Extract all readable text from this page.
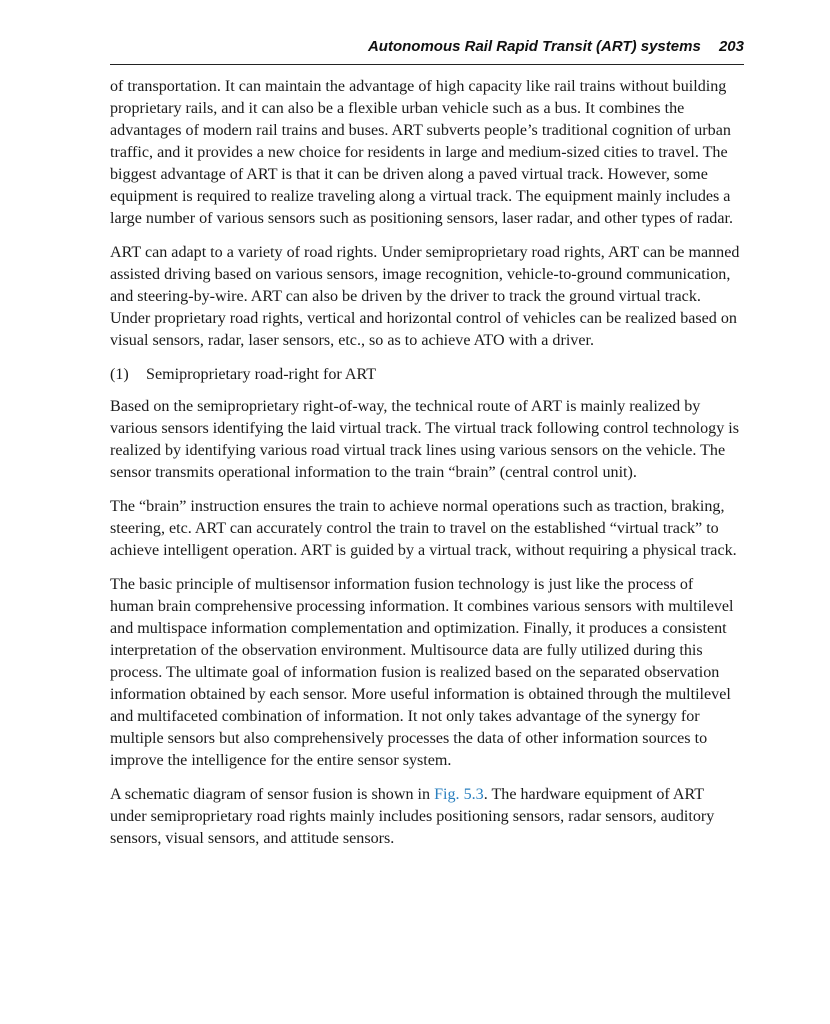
Autonomous Rail Rapid Transit (ART) systems 203

of transportation. It can maintain the advantage of high capacity like rail trains without building proprietary rails, and it can also be a flexible urban vehicle such as a bus. It combines the advantages of modern rail trains and buses. ART subverts people’s traditional cognition of urban traffic, and it provides a new choice for residents in large and medium-sized cities to travel. The biggest advantage of ART is that it can be driven along a paved virtual track. However, some equipment is required to realize traveling along a virtual track. The equipment mainly includes a large number of various sensors such as positioning sensors, laser radar, and other types of radar.

ART can adapt to a variety of road rights. Under semiproprietary road rights, ART can be manned assisted driving based on various sensors, image recognition, vehicle-to-ground communication, and steering-by-wire. ART can also be driven by the driver to track the ground virtual track. Under proprietary road rights, vertical and horizontal control of vehicles can be realized based on visual sensors, radar, laser sensors, etc., so as to achieve ATO with a driver.

(1) Semiproprietary road-right for ART

Based on the semiproprietary right-of-way, the technical route of ART is mainly realized by various sensors identifying the laid virtual track. The virtual track following control technology is realized by identifying various road virtual track lines using various sensors on the vehicle. The sensor transmits operational information to the train “brain” (central control unit).

The “brain” instruction ensures the train to achieve normal operations such as traction, braking, steering, etc. ART can accurately control the train to travel on the established “virtual track” to achieve intelligent operation. ART is guided by a virtual track, without requiring a physical track.

The basic principle of multisensor information fusion technology is just like the process of human brain comprehensive processing information. It combines various sensors with multilevel and multispace information complementation and optimization. Finally, it produces a consistent interpretation of the observation environment. Multisource data are fully utilized during this process. The ultimate goal of information fusion is realized based on the separated observation information obtained by each sensor. More useful information is obtained through the multilevel and multifaceted combination of information. It not only takes advantage of the synergy for multiple sensors but also comprehensively processes the data of other information sources to improve the intelligence for the entire sensor system.

A schematic diagram of sensor fusion is shown in Fig. 5.3. The hardware equipment of ART under semiproprietary road rights mainly includes positioning sensors, radar sensors, auditory sensors, visual sensors, and attitude sensors.
